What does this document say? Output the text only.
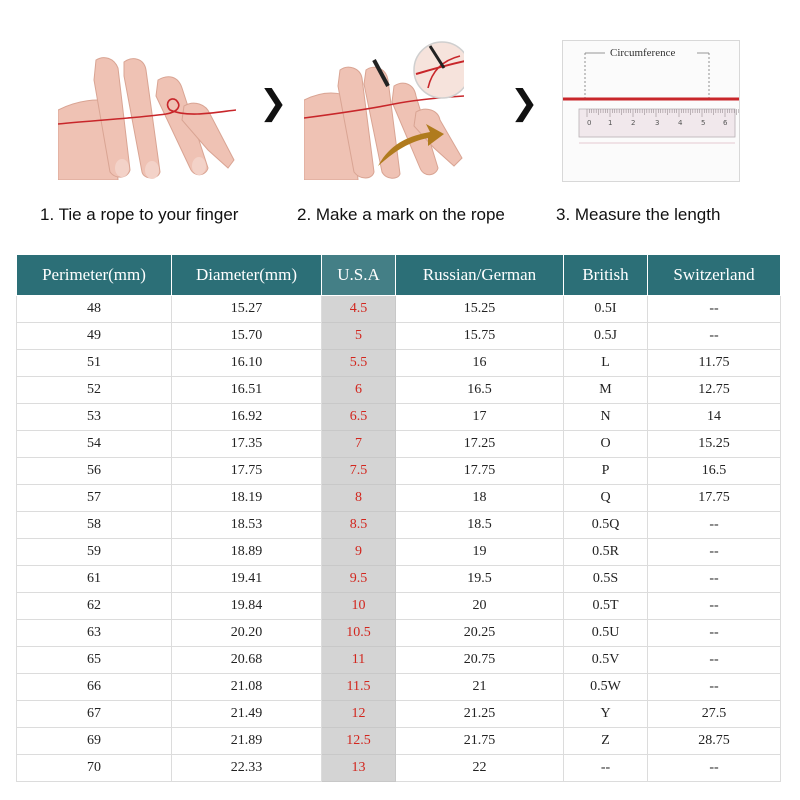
❯	❯	0 1	2	3	4	5	6
Circumference
1. Tie a rope to your finger	2. Make a mark on the rope	3. Measure the length
Perimeter(mm)	Diameter(mm)	U.S.A	Russian/German	British	Switzerland
48	15.27	4.5	15.25	0.5I	--
49	15.70	5	15.75	0.5J	--
51	16.10	5.5	16	L	11.75
52	16.51	6	16.5	M	12.75
53	16.92	6.5	17	N	14
54	17.35	7	17.25	O	15.25
56	17.75	7.5	17.75	P	16.5
57	18.19	8	18	Q	17.75
58	18.53	8.5	18.5	0.5Q	--
59	18.89	9	19	0.5R	--
61	19.41	9.5	19.5	0.5S	--
62	19.84	10	20	0.5T	--
63	20.20	10.5	20.25	0.5U	--
65	20.68	11	20.75	0.5V	--
66	21.08	11.5	21	0.5W	--
67	21.49	12	21.25	Y	27.5
69	21.89	12.5	21.75	Z	28.75
70	22.33	13	22	--	--
